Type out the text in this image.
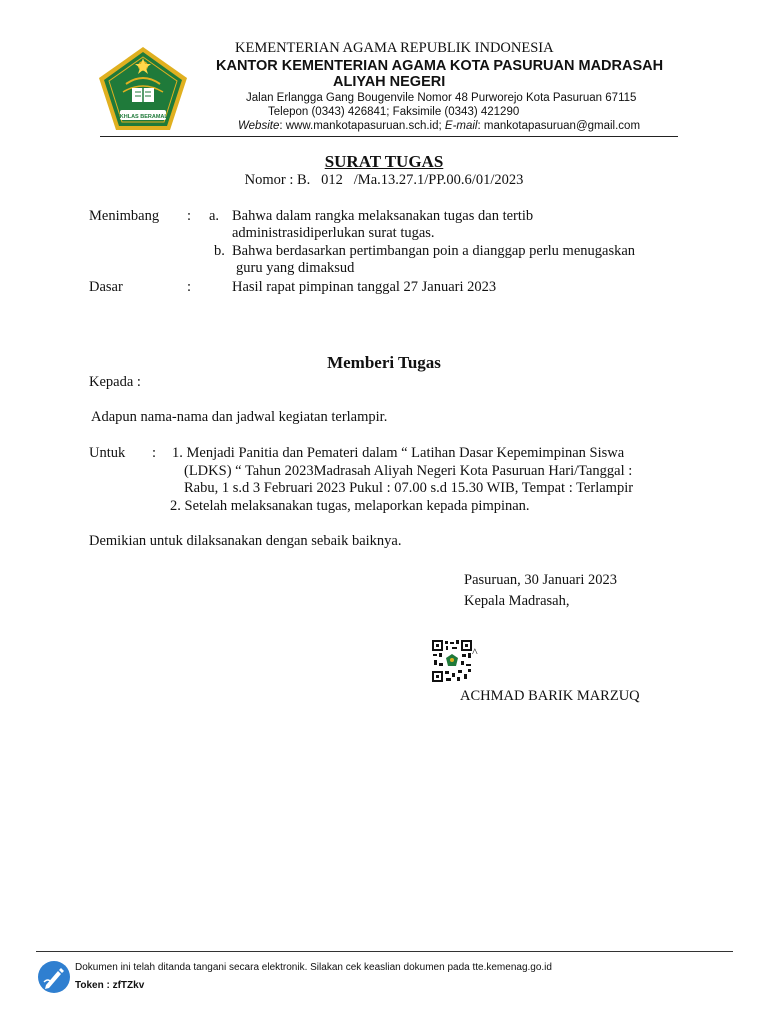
IKHLAS BERAMAL
KEMENTERIAN AGAMA REPUBLIK INDONESIA
KANTOR KEMENTERIAN AGAMA KOTA PASURUAN MADRASAH
ALIYAH NEGERI
Jalan Erlangga Gang Bougenvile Nomor 48 Purworejo Kota Pasuruan 67115
Telepon (0343) 426841; Faksimile (0343) 421290
Website: www.mankotapasuruan.sch.id; E-mail: mankotapasuruan@gmail.com
SURAT TUGAS
Nomor : B.   012   /Ma.13.27.1/PP.00.6/01/2023
Menimbang : a. Bahwa dalam rangka melaksanakan tugas dan tertib
administrasidiperlukan surat tugas.
b. Bahwa berdasarkan pertimbangan poin a dianggap perlu menugaskan
guru yang dimaksud
Dasar	:	Hasil rapat pimpinan tanggal 27 Januari 2023
Memberi Tugas
Kepada :
Adapun nama-nama dan jadwal kegiatan terlampir.
Untuk : 1. Menjadi Panitia dan Pemateri dalam “ Latihan Dasar Kepemimpinan Siswa
(LDKS) “ Tahun 2023Madrasah Aliyah Negeri Kota Pasuruan Hari/Tanggal :
Rabu, 1 s.d 3 Februari 2023 Pukul : 07.00 s.d 15.30 WIB, Tempat : Terlampir
2. Setelah melaksanakan tugas, melaporkan kepada pimpinan.
Demikian untuk dilaksanakan dengan sebaik baiknya.
Pasuruan, 30 Januari 2023
Kepala Madrasah,
^
ACHMAD BARIK MARZUQ
Dokumen ini telah ditanda tangani secara elektronik. Silakan cek keaslian dokumen pada tte.kemenag.go.id
Token : zfTZkv
